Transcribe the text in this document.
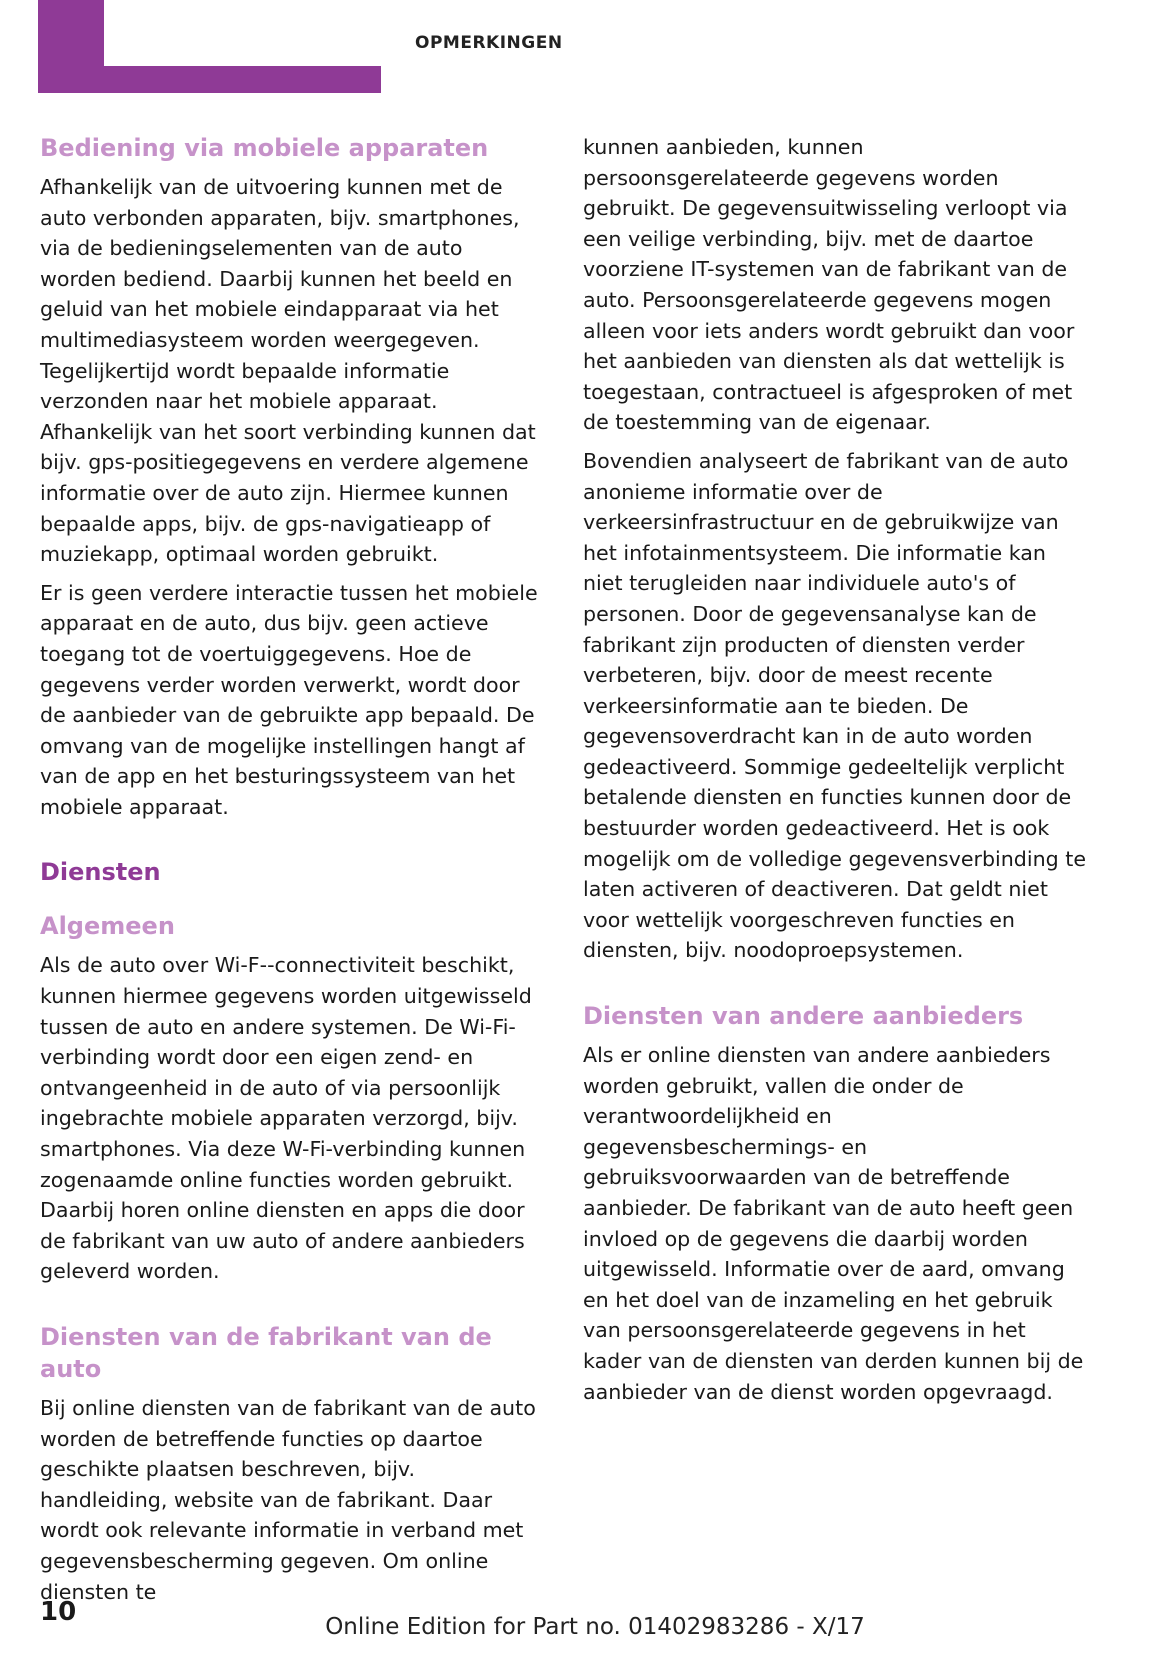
OPMERKINGEN
Bediening via mobiele apparaten

Afhankelijk van de uitvoering kunnen met de auto verbonden apparaten, bijv. smartphones, via de bedieningselementen van de auto worden bediend. Daarbij kunnen het beeld en geluid van het mobiele eindapparaat via het multimediasysteem worden weergegeven. Tegelijkertijd wordt bepaalde informatie verzonden naar het mobiele apparaat. Afhankelijk van het soort verbinding kunnen dat bijv. gps-positiegegevens en verdere algemene informatie over de auto zijn. Hiermee kunnen bepaalde apps, bijv. de gps-navigatieapp of muziekapp, optimaal worden gebruikt.

Er is geen verdere interactie tussen het mobiele apparaat en de auto, dus bijv. geen actieve toegang tot de voertuiggegevens. Hoe de gegevens verder worden verwerkt, wordt door de aanbieder van de gebruikte app bepaald. De omvang van de mogelijke instellingen hangt af van de app en het besturingssysteem van het mobiele apparaat.

Diensten
Algemeen

Als de auto over Wi-F--connectiviteit beschikt, kunnen hiermee gegevens worden uitgewisseld tussen de auto en andere systemen. De Wi-Fi-verbinding wordt door een eigen zend- en ontvangeenheid in de auto of via persoonlijk ingebrachte mobiele apparaten verzorgd, bijv. smartphones. Via deze W-Fi-verbinding kunnen zogenaamde online functies worden gebruikt. Daarbij horen online diensten en apps die door de fabrikant van uw auto of andere aanbieders geleverd worden.

Diensten van de fabrikant van de auto

Bij online diensten van de fabrikant van de auto worden de betreffende functies op daartoe geschikte plaatsen beschreven, bijv. handleiding, website van de fabrikant. Daar wordt ook relevante informatie in verband met gegevensbescherming gegeven. Om online diensten te

kunnen aanbieden, kunnen persoonsgerelateerde gegevens worden gebruikt. De gegevensuitwisseling verloopt via een veilige verbinding, bijv. met de daartoe voorziene IT-systemen van de fabrikant van de auto. Persoonsgerelateerde gegevens mogen alleen voor iets anders wordt gebruikt dan voor het aanbieden van diensten als dat wettelijk is toegestaan, contractueel is afgesproken of met de toestemming van de eigenaar.

Bovendien analyseert de fabrikant van de auto anonieme informatie over de verkeersinfrastructuur en de gebruikwijze van het infotainmentsysteem. Die informatie kan niet terugleiden naar individuele auto's of personen. Door de gegevensanalyse kan de fabrikant zijn producten of diensten verder verbeteren, bijv. door de meest recente verkeersinformatie aan te bieden. De gegevensoverdracht kan in de auto worden gedeactiveerd. Sommige gedeeltelijk verplicht betalende diensten en functies kunnen door de bestuurder worden gedeactiveerd. Het is ook mogelijk om de volledige gegevensverbinding te laten activeren of deactiveren. Dat geldt niet voor wettelijk voorgeschreven functies en diensten, bijv. noodoproepsystemen.

Diensten van andere aanbieders

Als er online diensten van andere aanbieders worden gebruikt, vallen die onder de verantwoordelijkheid en gegevensbeschermings- en gebruiksvoorwaarden van de betreffende aanbieder. De fabrikant van de auto heeft geen invloed op de gegevens die daarbij worden uitgewisseld. Informatie over de aard, omvang en het doel van de inzameling en het gebruik van persoonsgerelateerde gegevens in het kader van de diensten van derden kunnen bij de aanbieder van de dienst worden opgevraagd.

10	Online Edition for Part no. 01402983286 - X/17
